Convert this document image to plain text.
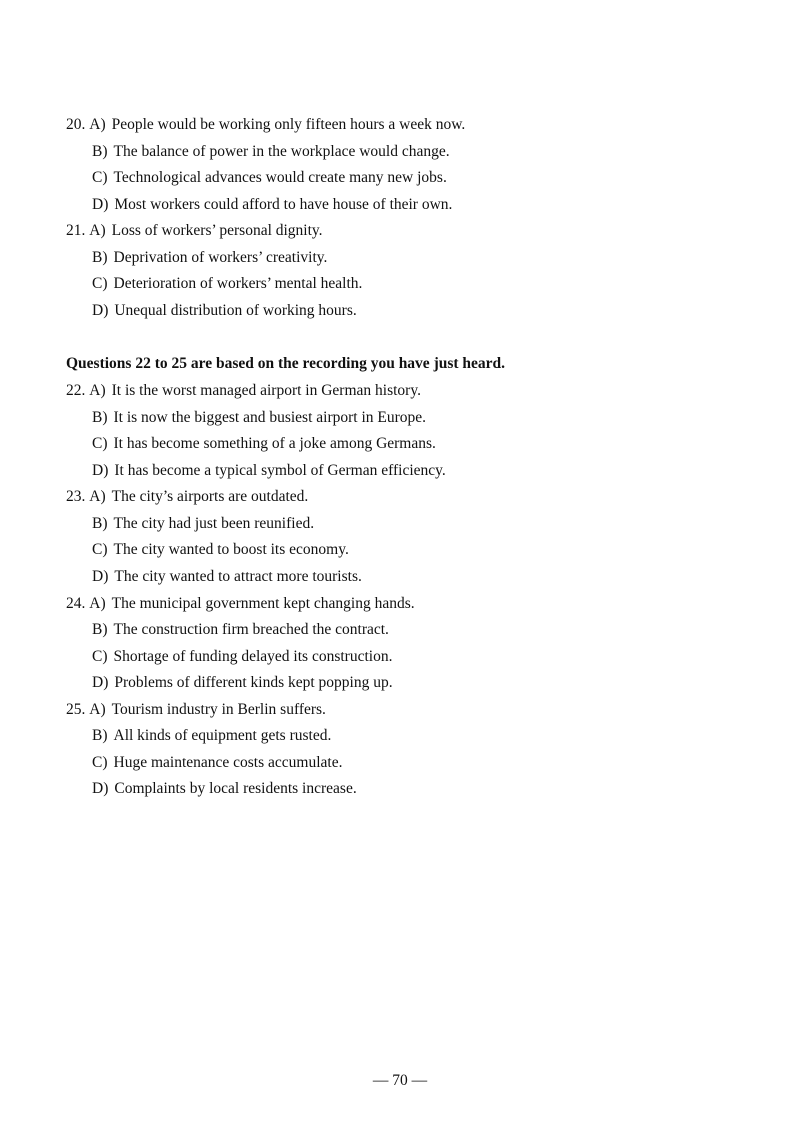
20. A) People would be working only fifteen hours a week now.
B) The balance of power in the workplace would change.
C) Technological advances would create many new jobs.
D) Most workers could afford to have house of their own.
21. A) Loss of workers’ personal dignity.
B) Deprivation of workers’ creativity.
C) Deterioration of workers’ mental health.
D) Unequal distribution of working hours.
Questions 22 to 25 are based on the recording you have just heard.
22. A) It is the worst managed airport in German history.
B) It is now the biggest and busiest airport in Europe.
C) It has become something of a joke among Germans.
D) It has become a typical symbol of German efficiency.
23. A) The city’s airports are outdated.
B) The city had just been reunified.
C) The city wanted to boost its economy.
D) The city wanted to attract more tourists.
24. A) The municipal government kept changing hands.
B) The construction firm breached the contract.
C) Shortage of funding delayed its construction.
D) Problems of different kinds kept popping up.
25. A) Tourism industry in Berlin suffers.
B) All kinds of equipment gets rusted.
C) Huge maintenance costs accumulate.
D) Complaints by local residents increase.
— 70 —
